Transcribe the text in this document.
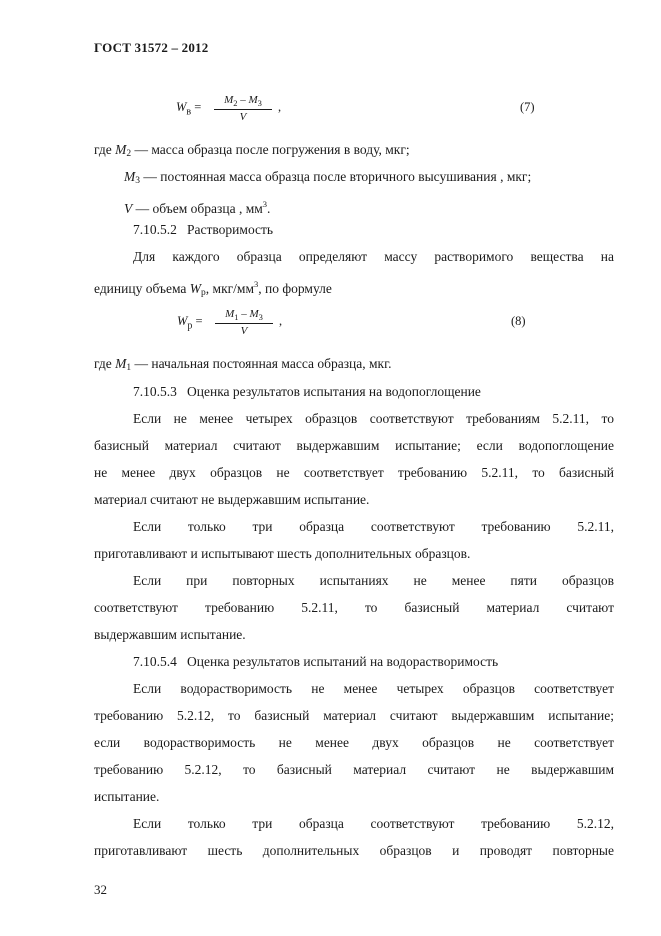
ГОСТ 31572 – 2012
$W_в = \frac{M_2 - M_3}{V}$ ,	(7)
где $M_2$ — масса образца после погружения в воду, мкг;
$M_3$ — постоянная масса образца после вторичного высушивания , мкг;
V — объем образца , $мм^3$.
7.10.5.2   Растворимость
Для каждого образца определяют массу растворимого вещества на
единицу объема $W_р$, мкг/$мм^3$, по формуле
$W_р = \frac{M_1 - M_3}{V}$ ,	(8)
где $M_1$ — начальная постоянная масса образца, мкг.
7.10.5.3   Оценка результатов испытания на водопоглощение
Если не менее четырех образцов соответствуют требованиям 5.2.11, то
базисный материал считают выдержавшим испытание; если водопоглощение
не менее двух образцов не соответствует требованию 5.2.11, то базисный
материал считают не выдержавшим испытание.
Если только три образца соответствуют требованию 5.2.11,
приготавливают и испытывают шесть дополнительных образцов.
Если при повторных испытаниях не менее пяти образцов
соответствуют требованию 5.2.11, то базисный материал считают
выдержавшим испытание.
7.10.5.4   Оценка результатов испытаний на водорастворимость
Если водорастворимость не менее четырех образцов соответствует
требованию 5.2.12, то базисный материал считают выдержавшим испытание;
если водорастворимость не менее двух образцов не соответствует
требованию 5.2.12, то базисный материал считают не выдержавшим
испытание.
Если только три образца соответствуют требованию 5.2.12,
приготавливают шесть дополнительных образцов и проводят повторные
32
